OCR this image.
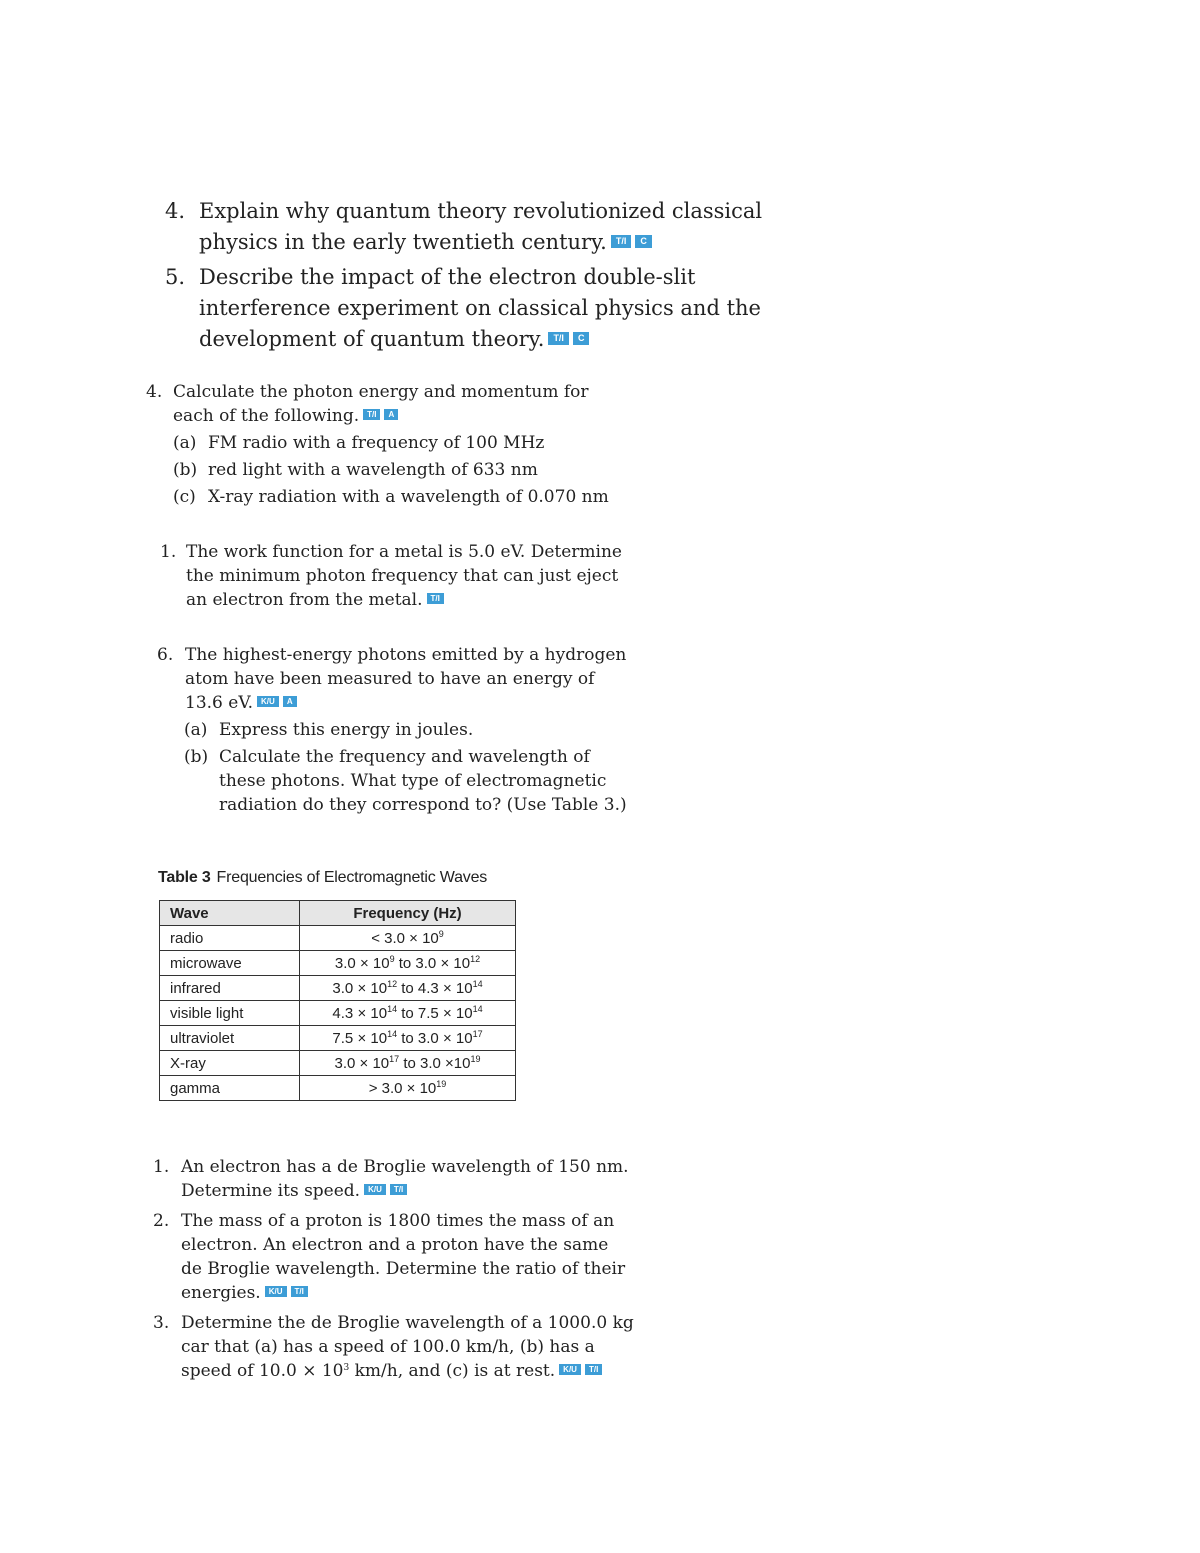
4. Explain why quantum theory revolutionized classical
physics in the early twentieth century. T/I C
5. Describe the impact of the electron double-slit
interference experiment on classical physics and the
development of quantum theory. T/I C
4. Calculate the photon energy and momentum for
each of the following. T/I A
(a) FM radio with a frequency of 100 MHz
(b) red light with a wavelength of 633 nm
(c) X-ray radiation with a wavelength of 0.070 nm
1. The work function for a metal is 5.0 eV. Determine
the minimum photon frequency that can just eject
an electron from the metal. T/I
6. The highest-energy photons emitted by a hydrogen
atom have been measured to have an energy of
13.6 eV. K/U A
(a) Express this energy in joules.
(b) Calculate the frequency and wavelength of
these photons. What type of electromagnetic
radiation do they correspond to? (Use Table 3.)
Table 3 Frequencies of Electromagnetic Waves
Wave	Frequency (Hz)
radio	< $3.0 \times 10^9$
microwave	$3.0 \times 10^9$ to $3.0 \times 10^{12}$
infrared	$3.0 \times 10^{12}$ to $4.3 \times 10^{14}$
visible light	$4.3 \times 10^{14}$ to $7.5 \times 10^{14}$
ultraviolet	$7.5 \times 10^{14}$ to $3.0 \times 10^{17}$
X-ray	$3.0 \times 10^{17}$ to $3.0 \times 10^{19}$
gamma	> $3.0 \times 10^{19}$
1. An electron has a de Broglie wavelength of 150 nm.
Determine its speed. K/U T/I
2. The mass of a proton is 1800 times the mass of an
electron. An electron and a proton have the same
de Broglie wavelength. Determine the ratio of their
energies. K/U T/I
3. Determine the de Broglie wavelength of a 1000.0 kg
car that (a) has a speed of 100.0 km/h, (b) has a
speed of $10.0 \times 10^3$ km/h, and (c) is at rest. K/U T/I
